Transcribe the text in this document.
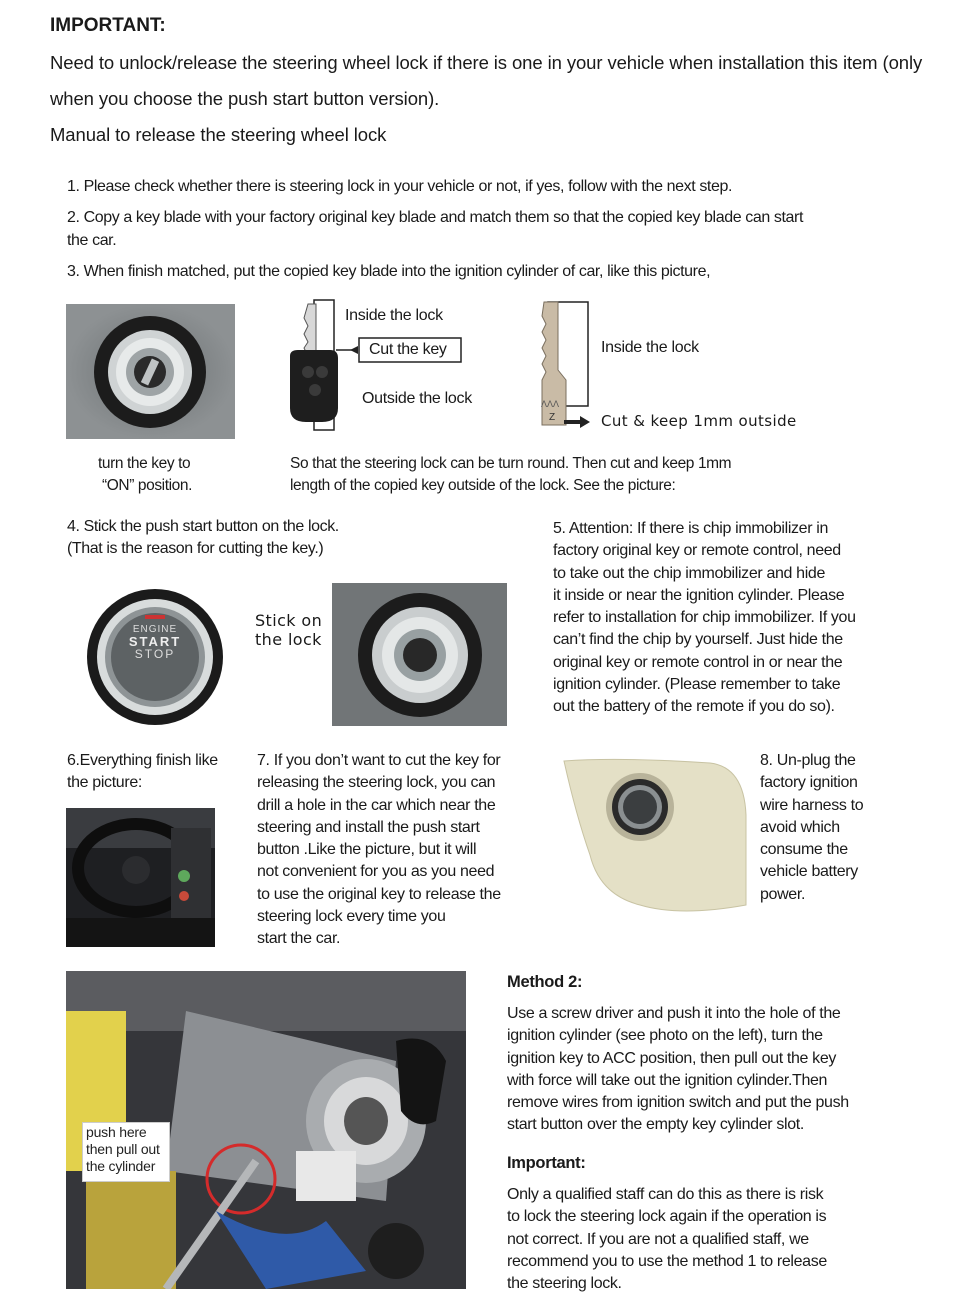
IMPORTANT:
Need to unlock/release the steering wheel lock if there is one in your vehicle when installation this item (only
when you choose the push start button version).
Manual to release the steering wheel lock
1. Please check whether there is steering lock in your vehicle or not, if yes, follow with the next step.
2. Copy a key blade with your factory original key blade and match them so that the copied key blade can start
the car.
3. When finish matched, put the copied key blade into the ignition cylinder of car, like this picture,
Inside the lock
Cut the key
Outside the lock	ΛΛΛ
Z
Inside the lock
Cut & keep 1mm outside
turn the key to
“ON” position.
So that the steering lock can be turn round. Then cut and keep 1mm
length of the copied key outside of the lock. See the picture:
4. Stick the push start button on the lock.
(That is the reason for cutting the key.)
ENGINE
START
STOP
Stick on
the lock
5. Attention: If there is chip immobilizer in
factory original key or remote control, need
to take out the chip immobilizer and hide
it inside or near the ignition cylinder. Please
refer to installation for chip immobilizer. If you
can’t find the chip by yourself. Just hide the
original key or remote control in or near the
ignition cylinder. (Please remember to take
out the battery of the remote if you do so).
6.Everything finish like
the picture:
7. If you don’t want to cut the key for
releasing the steering lock, you can
drill a hole in the car which near the
steering and install the push start
button .Like the picture, but it will
not convenient for you as you need
to use the original key to release the
steering lock every time you
start the car.
8. Un-plug the
factory ignition
wire harness to
avoid which
consume the
vehicle battery
power.
push here
then pull out
the cylinder
Method 2:
Use a screw driver and push it into the hole of the
ignition cylinder (see photo on the left), turn the
ignition key to ACC position, then pull out the key
with force will take out the ignition cylinder.Then
remove wires from ignition switch and put the push
start button over the empty key cylinder slot.
Important:
Only a qualified staff can do this as there is risk
to lock the steering lock again if the operation is
not correct. If you are not a qualified staff, we
recommend you to use the method 1 to release
the steering lock.
